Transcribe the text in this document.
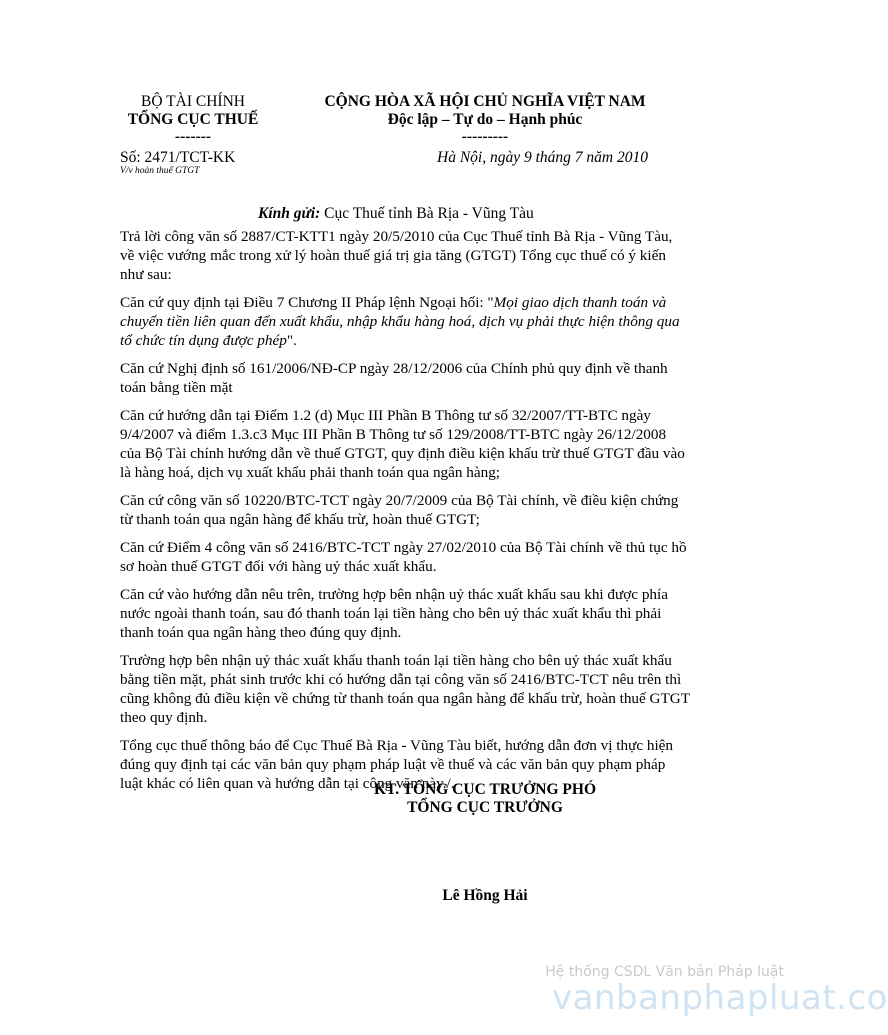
BỘ TÀI CHÍNH
TỔNG CỤC THUẾ
-------
CỘNG HÒA XÃ HỘI CHỦ NGHĨA VIỆT NAM
Độc lập – Tự do – Hạnh phúc
---------
Số: 2471/TCT-KK
V/v hoàn thuế GTGT
Hà Nội, ngày 9 tháng 7 năm 2010
Kính gửi: Cục Thuế tỉnh Bà Rịa - Vũng Tàu

Trả lời công văn số 2887/CT-KTT1 ngày 20/5/2010 của Cục Thuế tỉnh Bà Rịa - Vũng Tàu, về việc vướng mắc trong xử lý hoàn thuế giá trị gia tăng (GTGT) Tổng cục thuế có ý kiến như sau:

Căn cứ quy định tại Điều 7 Chương II Pháp lệnh Ngoại hối: "Mọi giao dịch thanh toán và chuyển tiền liên quan đến xuất khẩu, nhập khẩu hàng hoá, dịch vụ phải thực hiện thông qua tổ chức tín dụng được phép".

Căn cứ Nghị định số 161/2006/NĐ-CP ngày 28/12/2006 của Chính phủ quy định về thanh toán bằng tiền mặt

Căn cứ hướng dẫn tại Điểm 1.2 (d) Mục III Phần B Thông tư số 32/2007/TT-BTC ngày 9/4/2007 và điểm 1.3.c3 Mục III Phần B Thông tư số 129/2008/TT-BTC ngày 26/12/2008 của Bộ Tài chính hướng dẫn về thuế GTGT, quy định điều kiện khấu trừ thuế GTGT đầu vào là hàng hoá, dịch vụ xuất khẩu phải thanh toán qua ngân hàng;

Căn cứ công văn số 10220/BTC-TCT ngày 20/7/2009 của Bộ Tài chính, về điều kiện chứng từ thanh toán qua ngân hàng để khấu trừ, hoàn thuế GTGT;

Căn cứ Điểm 4 công văn số 2416/BTC-TCT ngày 27/02/2010 của Bộ Tài chính về thủ tục hồ sơ hoàn thuế GTGT đối với hàng uỷ thác xuất khẩu.

Căn cứ vào hướng dẫn nêu trên, trường hợp bên nhận uỷ thác xuất khẩu sau khi được phía nước ngoài thanh toán, sau đó thanh toán lại tiền hàng cho bên uỷ thác xuất khẩu thì phải thanh toán qua ngân hàng theo đúng quy định.

Trường hợp bên nhận uỷ thác xuất khẩu thanh toán lại tiền hàng cho bên uỷ thác xuất khẩu bằng tiền mặt, phát sinh trước khi có hướng dẫn tại công văn số 2416/BTC-TCT nêu trên thì cũng không đủ điều kiện về chứng từ thanh toán qua ngân hàng để khấu trừ, hoàn thuế GTGT theo quy định.

Tổng cục thuế thông báo để Cục Thuế Bà Rịa - Vũng Tàu biết, hướng dẫn đơn vị thực hiện đúng quy định tại các văn bản quy phạm pháp luật về thuế và các văn bản quy phạm pháp luật khác có liên quan và hướng dẫn tại công văn này./.

KT. TỔNG CỤC TRƯỞNG PHÓ
TỔNG CỤC TRƯỞNG
Lê Hồng Hải
Hệ thống CSDL Văn bản Pháp luật
vanbanphapluat.co
